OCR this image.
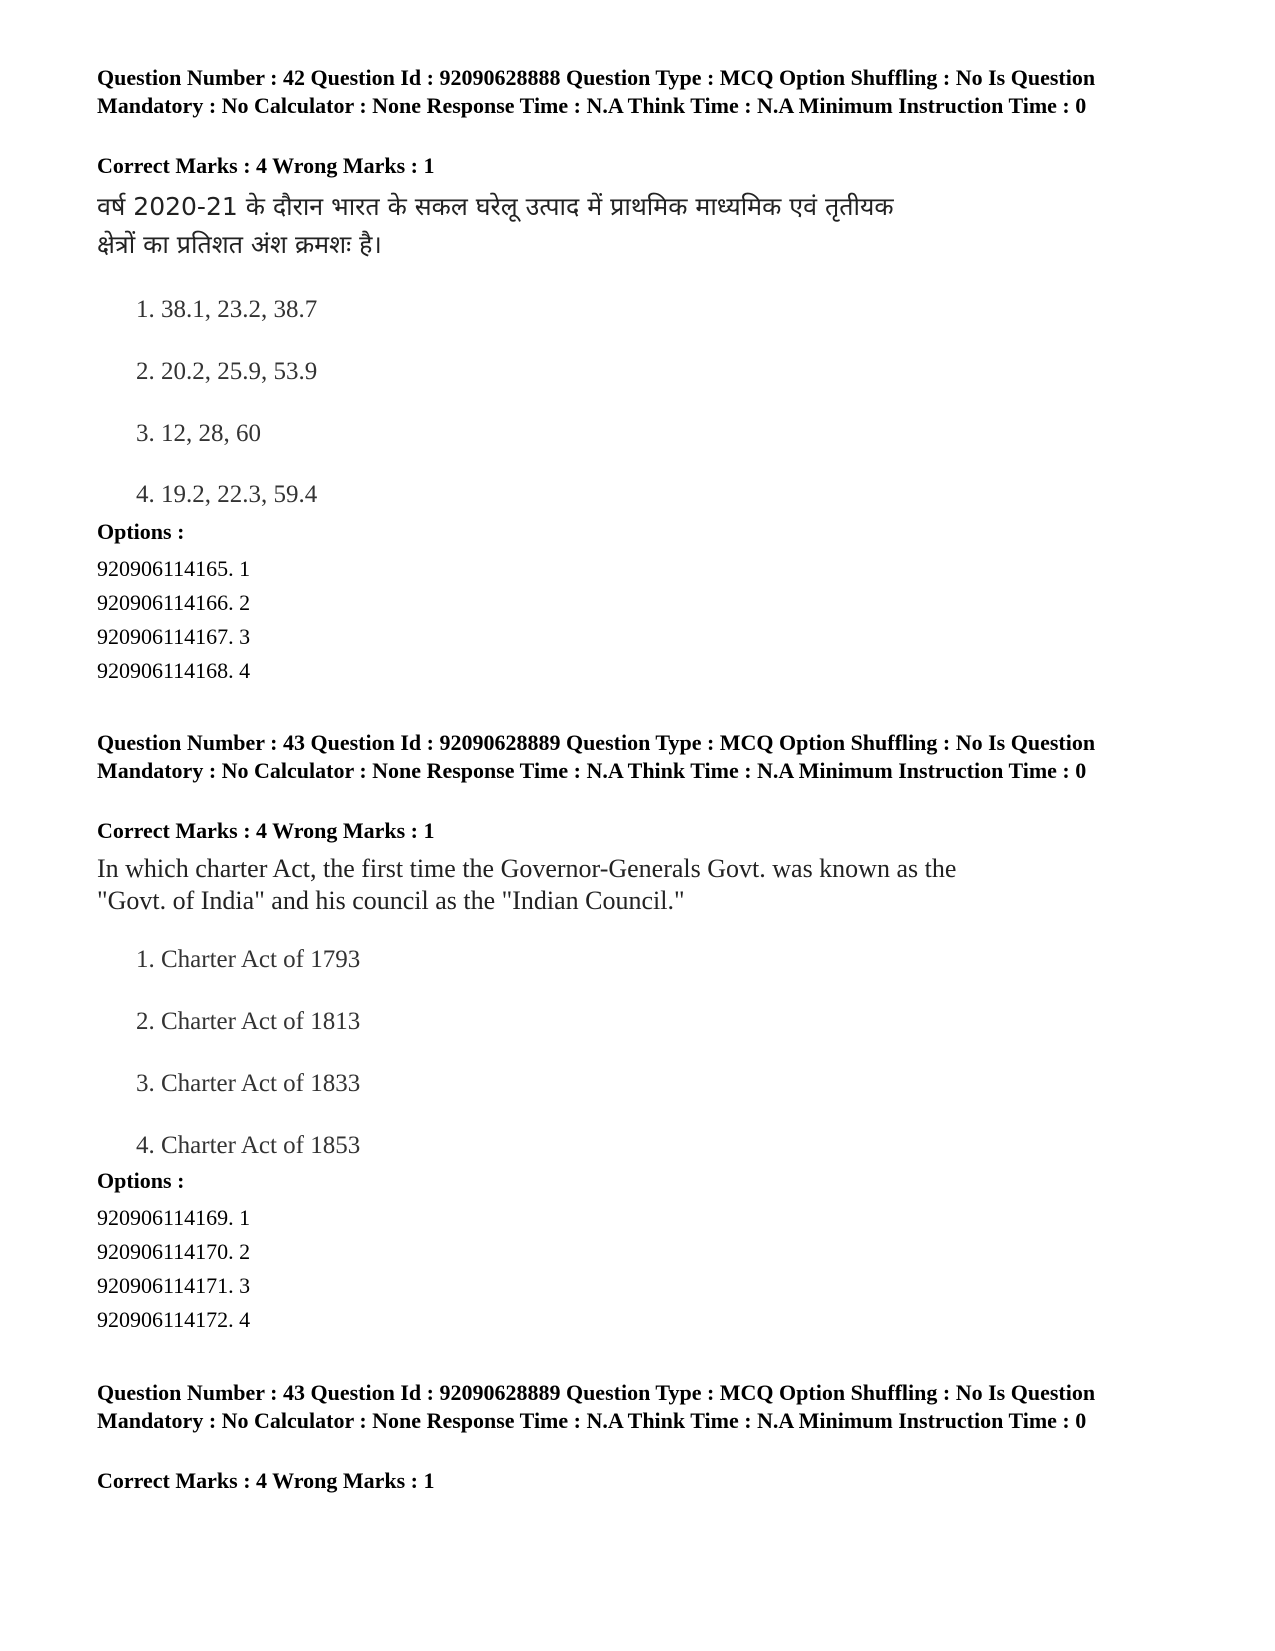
Question Number : 42 Question Id : 92090628888 Question Type : MCQ Option Shuffling : No Is Question Mandatory : No Calculator : None Response Time : N.A Think Time : N.A Minimum Instruction Time : 0
Correct Marks : 4 Wrong Marks : 1
वर्ष 2020-21 के दौरान भारत के सकल घरेलू उत्पाद में प्राथमिक माध्यमिक एवं तृतीयक
क्षेत्रों का प्रतिशत अंश क्रमशः है।
1. 38.1, 23.2, 38.7
2. 20.2, 25.9, 53.9
3. 12, 28, 60
4. 19.2, 22.3, 59.4
Options :
920906114165. 1
920906114166. 2
920906114167. 3
920906114168. 4
Question Number : 43 Question Id : 92090628889 Question Type : MCQ Option Shuffling : No Is Question Mandatory : No Calculator : None Response Time : N.A Think Time : N.A Minimum Instruction Time : 0
Correct Marks : 4 Wrong Marks : 1
In which charter Act, the first time the Governor-Generals Govt. was known as the
"Govt. of India" and his council as the "Indian Council."
1. Charter Act of 1793
2. Charter Act of 1813
3. Charter Act of 1833
4. Charter Act of 1853
Options :
920906114169. 1
920906114170. 2
920906114171. 3
920906114172. 4
Question Number : 43 Question Id : 92090628889 Question Type : MCQ Option Shuffling : No Is Question Mandatory : No Calculator : None Response Time : N.A Think Time : N.A Minimum Instruction Time : 0
Correct Marks : 4 Wrong Marks : 1
